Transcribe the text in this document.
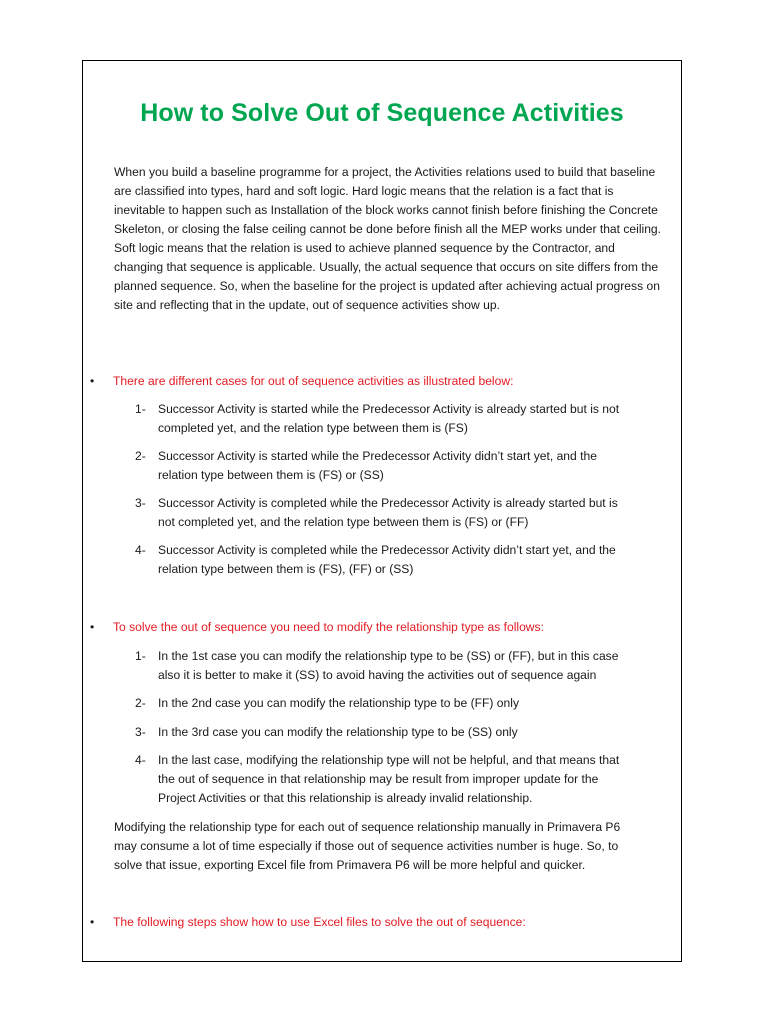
How to Solve Out of Sequence Activities
When you build a baseline programme for a project, the Activities relations used to build that baseline are classified into types, hard and soft logic. Hard logic means that the relation is a fact that is inevitable to happen such as Installation of the block works cannot finish before finishing the Concrete Skeleton, or closing the false ceiling cannot be done before finish all the MEP works under that ceiling. Soft logic means that the relation is used to achieve planned sequence by the Contractor, and changing that sequence is applicable. Usually, the actual sequence that occurs on site differs from the planned sequence. So, when the baseline for the project is updated after achieving actual progress on site and reflecting that in the update, out of sequence activities show up.
• There are different cases for out of sequence activities as illustrated below:
1- Successor Activity is started while the Predecessor Activity is already started but is not completed yet, and the relation type between them is (FS)
2- Successor Activity is started while the Predecessor Activity didn’t start yet, and the relation type between them is (FS) or (SS)
3- Successor Activity is completed while the Predecessor Activity is already started but is not completed yet, and the relation type between them is (FS) or (FF)
4- Successor Activity is completed while the Predecessor Activity didn’t start yet, and the relation type between them is (FS), (FF) or (SS)
• To solve the out of sequence you need to modify the relationship type as follows:
1- In the 1st case you can modify the relationship type to be (SS) or (FF), but in this case also it is better to make it (SS) to avoid having the activities out of sequence again
2- In the 2nd case you can modify the relationship type to be (FF) only
3- In the 3rd case you can modify the relationship type to be (SS) only
4- In the last case, modifying the relationship type will not be helpful, and that means that the out of sequence in that relationship may be result from improper update for the Project Activities or that this relationship is already invalid relationship.
Modifying the relationship type for each out of sequence relationship manually in Primavera P6 may consume a lot of time especially if those out of sequence activities number is huge. So, to solve that issue, exporting Excel file from Primavera P6 will be more helpful and quicker.
• The following steps show how to use Excel files to solve the out of sequence:
